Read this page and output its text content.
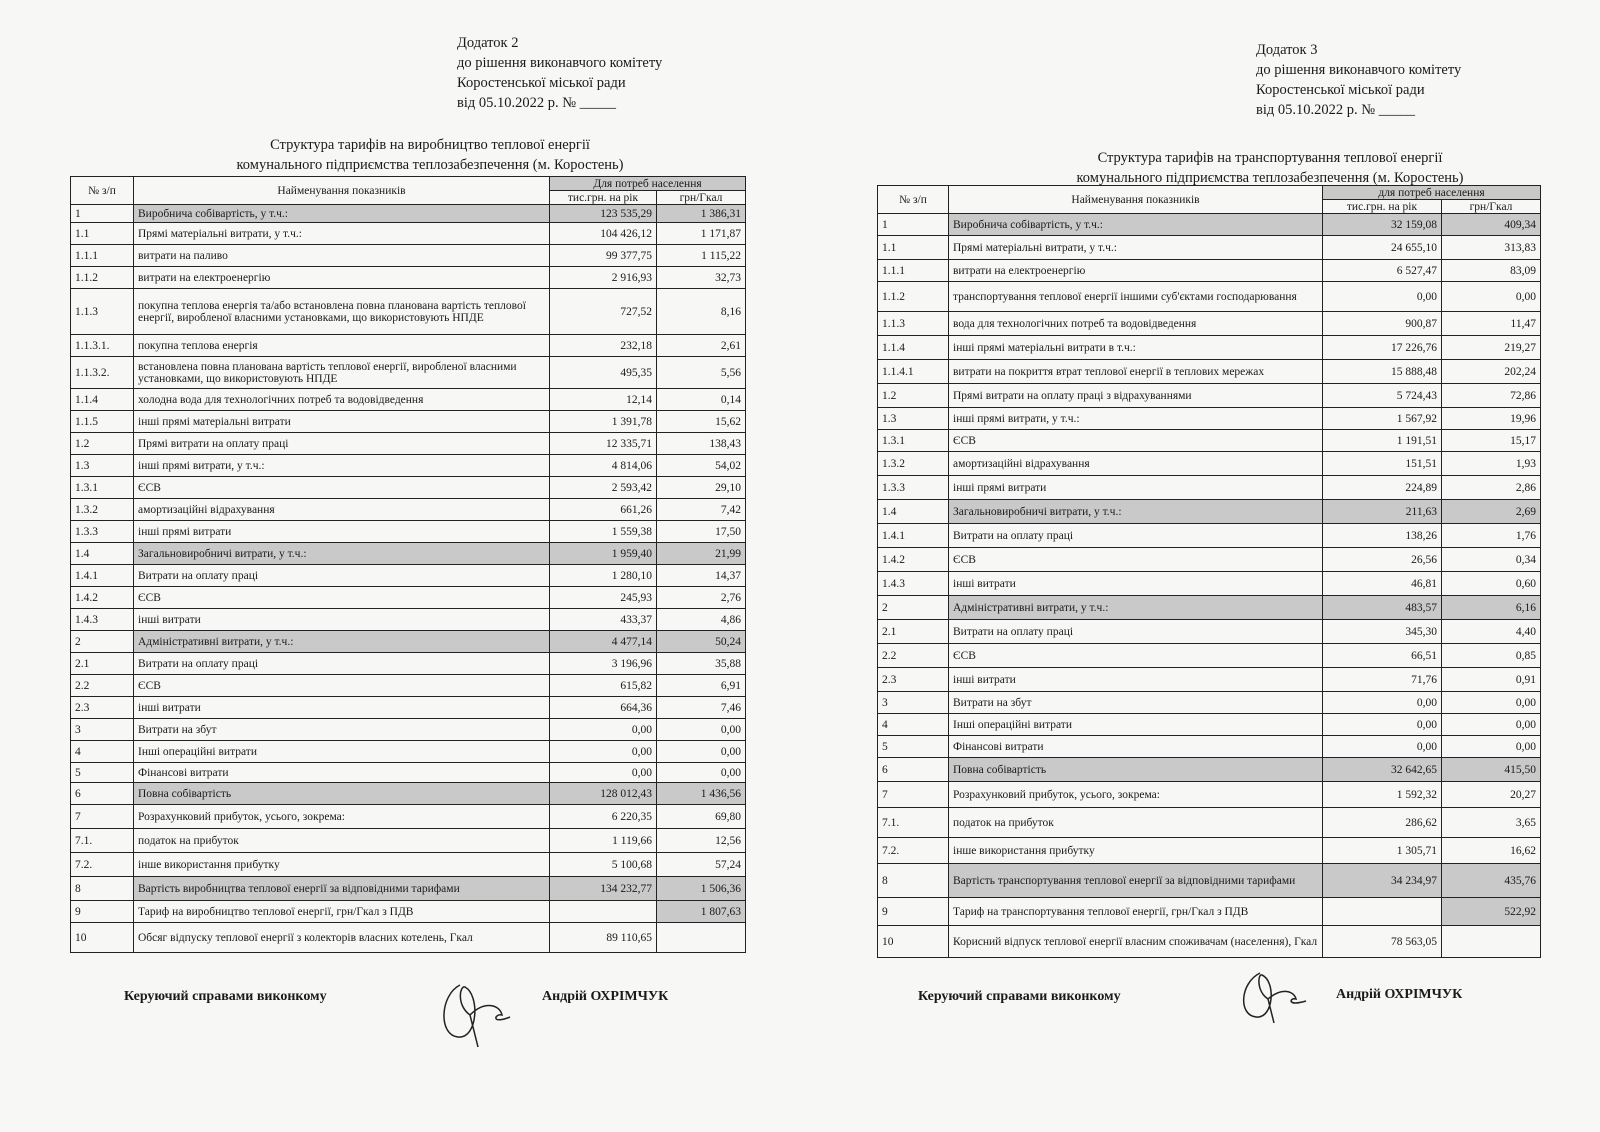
Додаток 2
до рішення виконавчого комітету
Коростенської міської ради
від 05.10.2022 р. № _____
Структура тарифів на виробництво теплової енергії
комунального підприємства теплозабезпечення (м. Коростень)
№ з/п	Найменування показників	Для потреб населення	
		тис.грн. на рік	грн/Гкал
1	Виробнича собівартість, у т.ч.:	123 535,29	1 386,31
1.1	Прямі матеріальні витрати, у т.ч.:	104 426,12	1 171,87
1.1.1	витрати на паливо	99 377,75	1 115,22
1.1.2	витрати на електроенергію	2 916,93	32,73
1.1.3	покупна теплова енергія та/або встановлена повна планована вартість теплової енергії, виробленої власними установками, що використовують НПДЕ	727,52	8,16
1.1.3.1.	покупна теплова енергія	232,18	2,61
1.1.3.2.	встановлена повна планована вартість теплової енергії, виробленої власними установками, що використовують НПДЕ	495,35	5,56
1.1.4	холодна вода для технологічних потреб та водовідведення	12,14	0,14
1.1.5	інші прямі матеріальні витрати	1 391,78	15,62
1.2	Прямі витрати на оплату праці	12 335,71	138,43
1.3	інші прямі витрати, у т.ч.:	4 814,06	54,02
1.3.1	ЄСВ	2 593,42	29,10
1.3.2	амортизаційні відрахування	661,26	7,42
1.3.3	інші прямі витрати	1 559,38	17,50
1.4	Загальновиробничі витрати, у т.ч.:	1 959,40	21,99
1.4.1	Витрати на оплату праці	1 280,10	14,37
1.4.2	ЄСВ	245,93	2,76
1.4.3	інші витрати	433,37	4,86
2	Адміністративні витрати, у т.ч.:	4 477,14	50,24
2.1	Витрати на оплату праці	3 196,96	35,88
2.2	ЄСВ	615,82	6,91
2.3	інші витрати	664,36	7,46
3	Витрати на збут	0,00	0,00
4	Інші операційні витрати	0,00	0,00
5	Фінансові витрати	0,00	0,00
6	Повна собівартість	128 012,43	1 436,56
7	Розрахунковий прибуток, усього, зокрема:	6 220,35	69,80
7.1.	податок на прибуток	1 119,66	12,56
7.2.	інше використання прибутку	5 100,68	57,24
8	Вартість виробництва теплової енергії за відповідними тарифами	134 232,77	1 506,36
9	Тариф на виробництво теплової енергії, грн/Гкал з ПДВ		1 807,63
10	Обсяг відпуску теплової енергії з колекторів власних котелень, Гкал	89 110,65	
Керуючий справами виконкому	Андрій ОХРІМЧУК
Додаток 3
до рішення виконавчого комітету
Коростенської міської ради
від 05.10.2022 р. № _____
Структура тарифів на транспортування теплової енергії
комунального підприємства теплозабезпечення (м. Коростень)
№ з/п	Найменування показників	для потреб населення	
		тис.грн. на рік	грн/Гкал
1	Виробнича собівартість, у т.ч.:	32 159,08	409,34
1.1	Прямі матеріальні витрати, у т.ч.:	24 655,10	313,83
1.1.1	витрати на електроенергію	6 527,47	83,09
1.1.2	транспортування теплової енергії іншими суб'єктами господарювання	0,00	0,00
1.1.3	вода для технологічних потреб та водовідведення	900,87	11,47
1.1.4	інші прямі матеріальні витрати в т.ч.:	17 226,76	219,27
1.1.4.1	витрати на покриття втрат теплової енергії в теплових мережах	15 888,48	202,24
1.2	Прямі витрати на оплату праці з відрахуваннями	5 724,43	72,86
1.3	інші прямі витрати, у т.ч.:	1 567,92	19,96
1.3.1	ЄСВ	1 191,51	15,17
1.3.2	амортизаційні відрахування	151,51	1,93
1.3.3	інші прямі витрати	224,89	2,86
1.4	Загальновиробничі витрати, у т.ч.:	211,63	2,69
1.4.1	Витрати на оплату праці	138,26	1,76
1.4.2	ЄСВ	26,56	0,34
1.4.3	інші витрати	46,81	0,60
2	Адміністративні витрати, у т.ч.:	483,57	6,16
2.1	Витрати на оплату праці	345,30	4,40
2.2	ЄСВ	66,51	0,85
2.3	інші витрати	71,76	0,91
3	Витрати на збут	0,00	0,00
4	Інші операційні витрати	0,00	0,00
5	Фінансові витрати	0,00	0,00
6	Повна собівартість	32 642,65	415,50
7	Розрахунковий прибуток, усього, зокрема:	1 592,32	20,27
7.1.	податок на прибуток	286,62	3,65
7.2.	інше використання прибутку	1 305,71	16,62
8	Вартість транспортування теплової енергії за відповідними тарифами	34 234,97	435,76
9	Тариф на транспортування теплової енергії, грн/Гкал з ПДВ		522,92
10	Корисний відпуск теплової енергії власним споживачам (населення), Гкал	78 563,05	
Керуючий справами виконкому	Андрій ОХРІМЧУК
